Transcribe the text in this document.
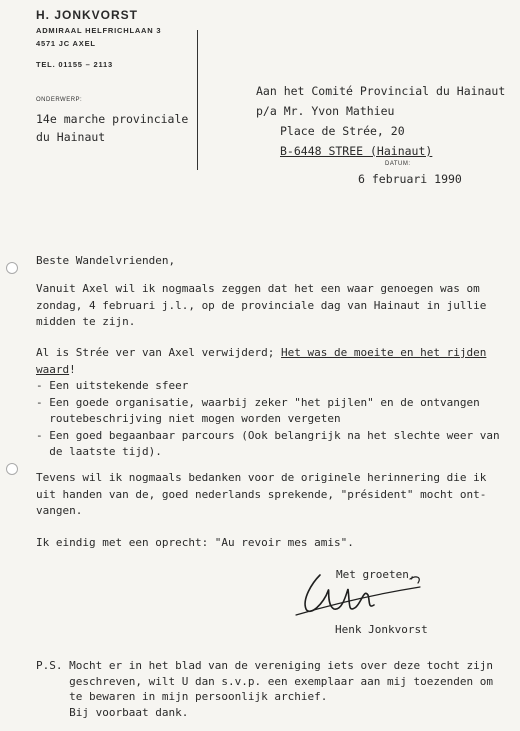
H. JONKVORST
ADMIRAAL HELFRICHLAAN 3
4571 JC AXEL
TEL. 01155 – 2113
ONDERWERP:
14e marche provinciale
du Hainaut
Aan het Comité Provincial du Hainaut
p/a Mr. Yvon Mathieu
Place de Strée, 20
B-6448 STREE (Hainaut)
DATUM:
6 februari 1990
Beste Wandelvrienden,
Vanuit Axel wil ik nogmaals zeggen dat het een waar genoegen was om
zondag, 4 februari j.l., op de provinciale dag van Hainaut in jullie
midden te zijn.
Al is Strée ver van Axel verwijderd; Het was de moeite en het rijden
waard!
- Een uitstekende sfeer
- Een goede organisatie, waarbij zeker "het pijlen" en de ontvangen
routebeschrijving niet mogen worden vergeten
- Een goed begaanbaar parcours (Ook belangrijk na het slechte weer van
de laatste tijd).
Tevens wil ik nogmaals bedanken voor de originele herinnering die ik
uit handen van de, goed nederlands sprekende, "président" mocht ont-
vangen.
Ik eindig met een oprecht: "Au revoir mes amis".
Met groeten,
Henk Jonkvorst
P.S. Mocht er in het blad van de vereniging iets over deze tocht zijn
geschreven, wilt U dan s.v.p. een exemplaar aan mij toezenden om
te bewaren in mijn persoonlijk archief.
Bij voorbaat dank.
